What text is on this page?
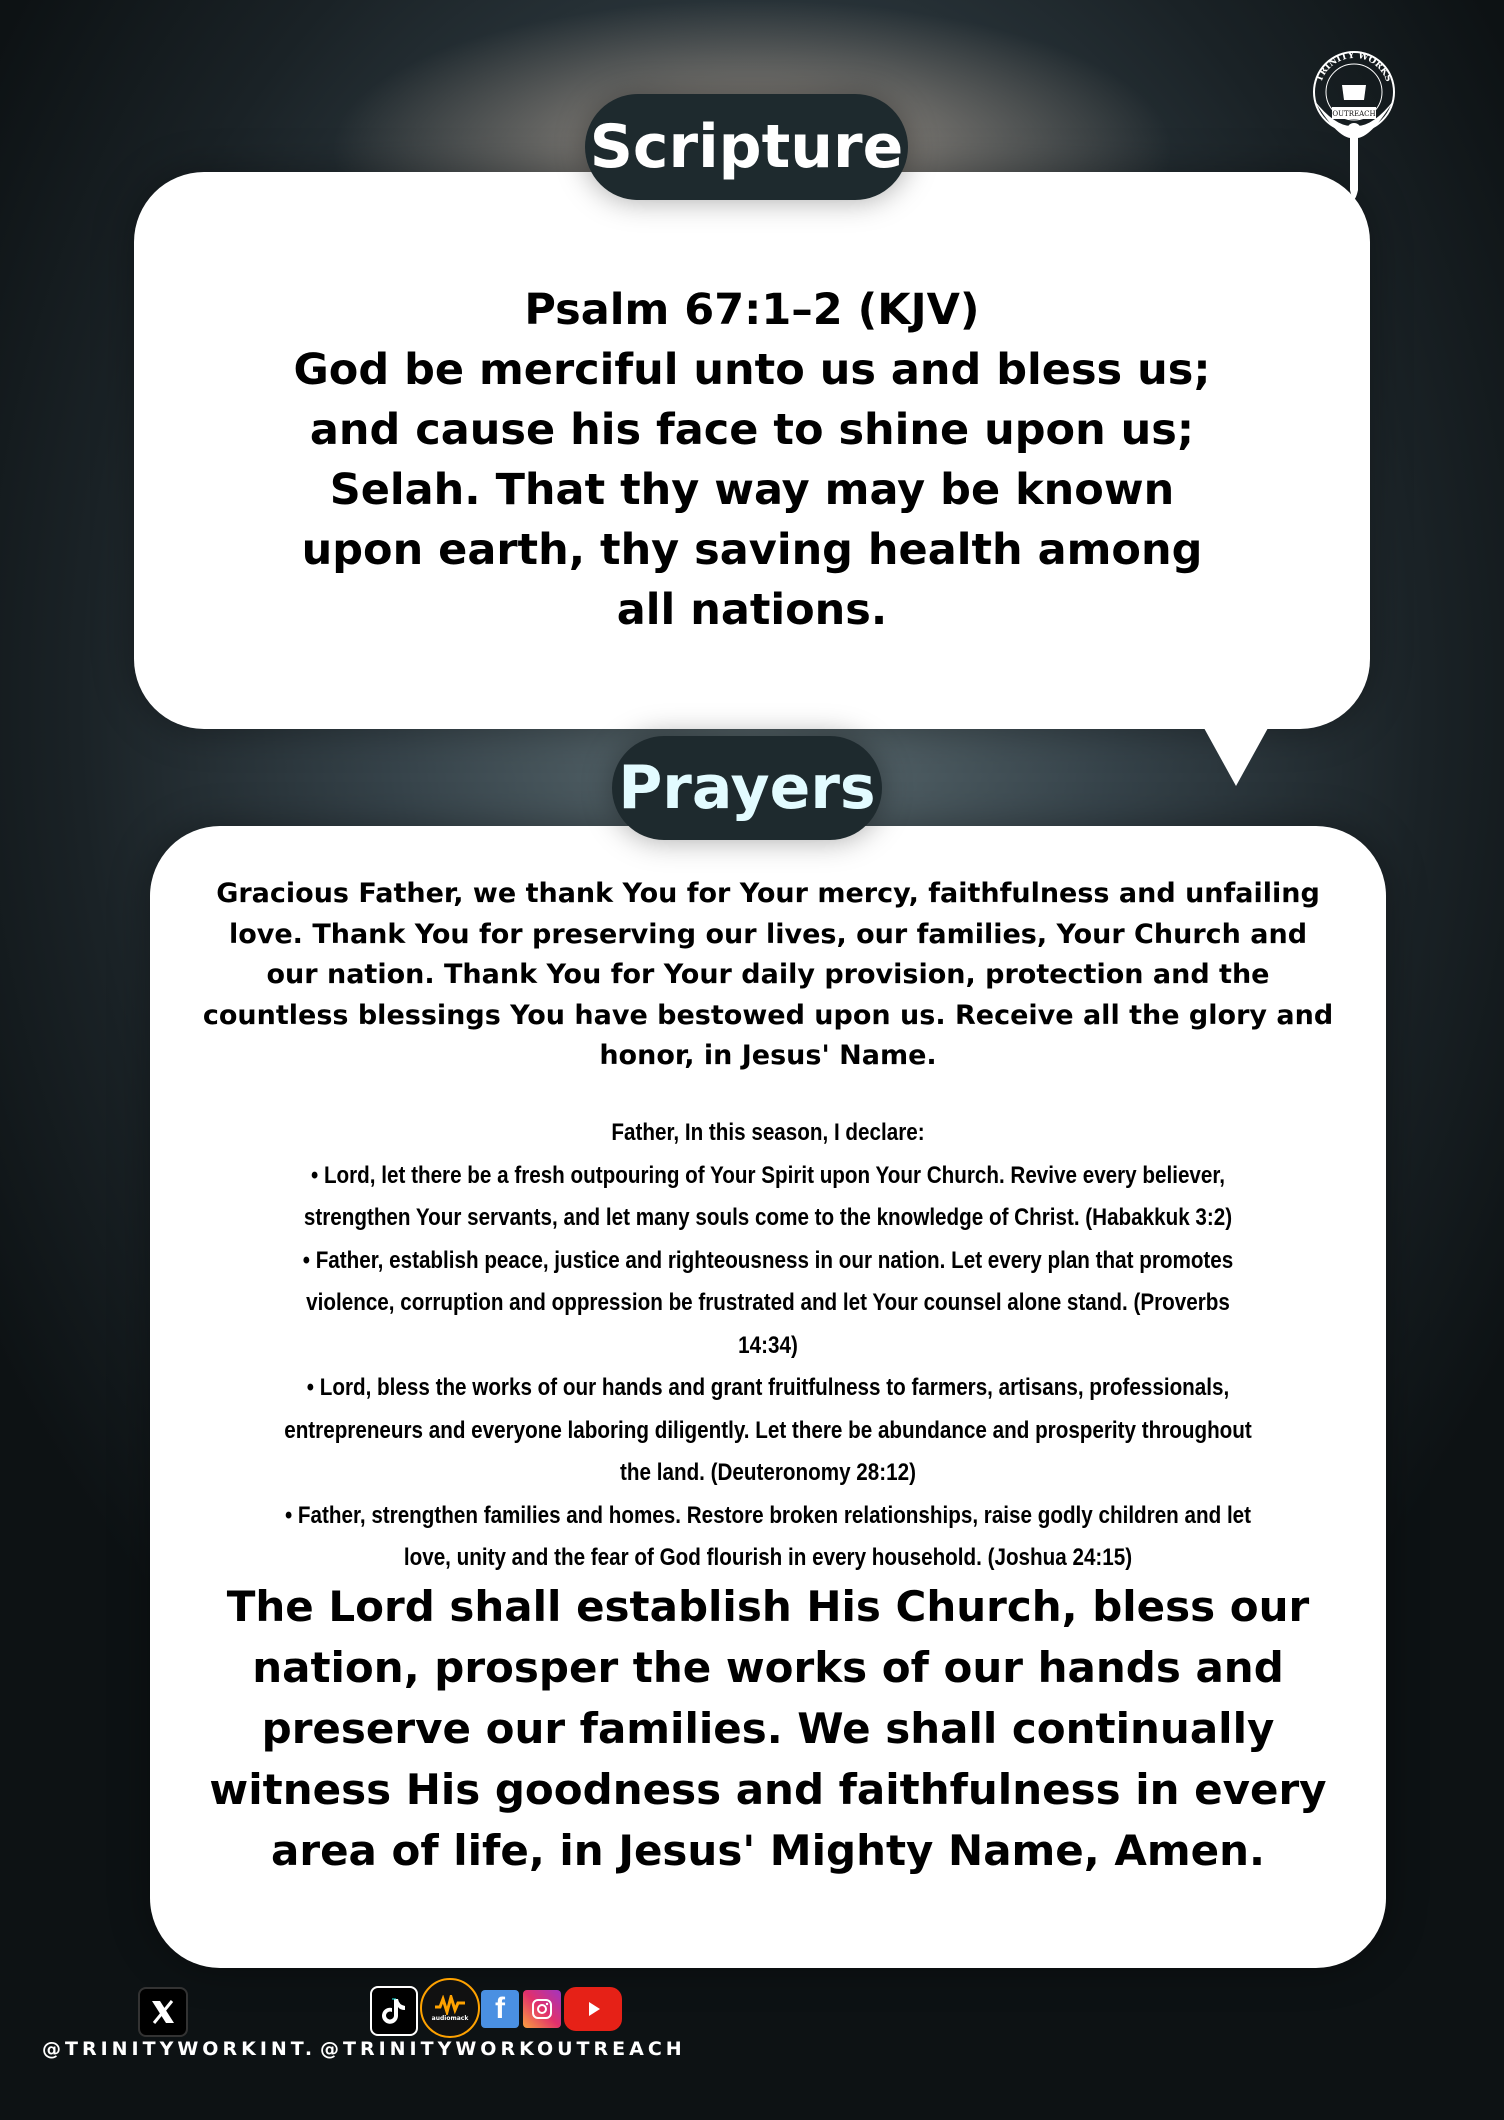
TRINITY WORKS
OUTREACH
Scripture
Psalm 67:1–2 (KJV)
God be merciful unto us and bless us;
and cause his face to shine upon us;
Selah. That thy way may be known
upon earth, thy saving health among
all nations.
Prayers
Gracious Father, we thank You for Your mercy, faithfulness and unfailing love. Thank You for preserving our lives, our families, Your Church and our nation. Thank You for Your daily provision, protection and the countless blessings You have bestowed upon us. Receive all the glory and honor, in Jesus' Name.
Father, In this season, I declare:
• Lord, let there be a fresh outpouring of Your Spirit upon Your Church. Revive every believer, strengthen Your servants, and let many souls come to the knowledge of Christ. (Habakkuk 3:2)
• Father, establish peace, justice and righteousness in our nation. Let every plan that promotes violence, corruption and oppression be frustrated and let Your counsel alone stand. (Proverbs 14:34)
• Lord, bless the works of our hands and grant fruitfulness to farmers, artisans, professionals, entrepreneurs and everyone laboring diligently. Let there be abundance and prosperity throughout the land. (Deuteronomy 28:12)
• Father, strengthen families and homes. Restore broken relationships, raise godly children and let love, unity and the fear of God flourish in every household. (Joshua 24:15)
The Lord shall establish His Church, bless our nation, prosper the works of our hands and preserve our families. We shall continually witness His goodness and faithfulness in every area of life, in Jesus' Mighty Name, Amen.
audiomack f
@TRINITYWORKINT. @TRINITYWORKOUTREACH
